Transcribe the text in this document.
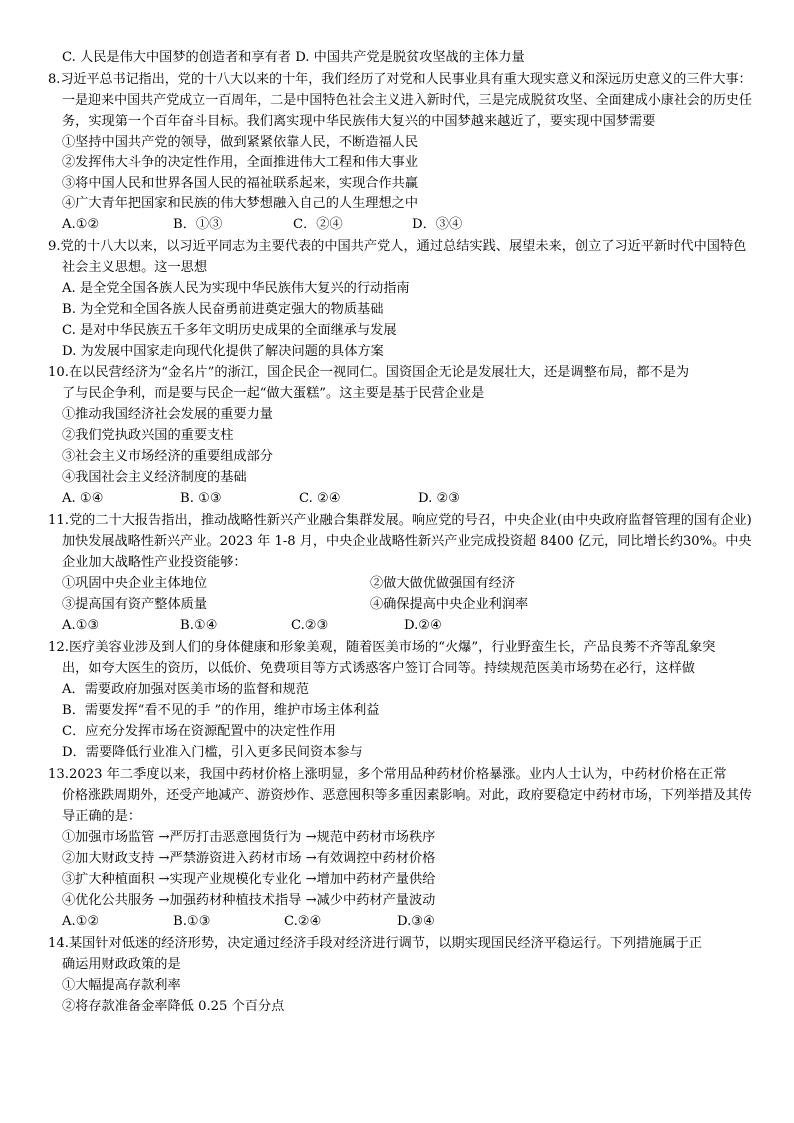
C. 人民是伟大中国梦的创造者和享有者 D. 中国共产党是脱贫攻坚战的主体力量
8.习近平总书记指出，党的十八大以来的十年，我们经历了对党和人民事业具有重大现实意义和深远历史意义的三件大事：
一是迎来中国共产党成立一百周年，二是中国特色社会主义进入新时代，三是完成脱贫攻坚、全面建成小康社会的历史任
务，实现第一个百年奋斗目标。我们离实现中华民族伟大复兴的中国梦越来越近了，要实现中国梦需要
①坚持中国共产党的领导，做到紧紧依靠人民，不断造福人民
②发挥伟大斗争的决定性作用，全面推进伟大工程和伟大事业
③将中国人民和世界各国人民的福祉联系起来，实现合作共赢
④广大青年把国家和民族的伟大梦想融入自己的人生理想之中
A.①②	B．①③	C．②④	D．③④
9.党的十八大以来，以习近平同志为主要代表的中国共产党人，通过总结实践、展望未来，创立了习近平新时代中国特色
社会主义思想。这一思想
A. 是全党全国各族人民为实现中华民族伟大复兴的行动指南
B. 为全党和全国各族人民奋勇前进奠定强大的物质基础
C. 是对中华民族五千多年文明历史成果的全面继承与发展
D. 为发展中国家走向现代化提供了解决问题的具体方案
10.在以民营经济为“金名片”的浙江，国企民企一视同仁。国资国企无论是发展壮大，还是调整布局，都不是为
了与民企争利，而是要与民企一起“做大蛋糕”。这主要是基于民营企业是
①推动我国经济社会发展的重要力量
②我们党执政兴国的重要支柱
③社会主义市场经济的重要组成部分
④我国社会主义经济制度的基础
A. ①④	B. ①③	C. ②④	D. ②③
11.党的二十大报告指出，推动战略性新兴产业融合集群发展。响应党的号召，中央企业(由中央政府监督管理的国有企业)
加快发展战略性新兴产业。2023 年 1-8 月，中央企业战略性新兴产业完成投资超 8400 亿元，同比增长约30%。中央
企业加大战略性产业投资能够：
①巩固中央企业主体地位	②做大做优做强国有经济
③提高国有资产整体质量	④确保提高中央企业利润率
A.①③	B.①④	C.②③	D.②④
12.医疗美容业涉及到人们的身体健康和形象美观，随着医美市场的“火爆”，行业野蛮生长，产品良莠不齐等乱象突
出，如夸大医生的资历，以低价、免费项目等方式诱惑客户签订合同等。持续规范医美市场势在必行，这样做
A．需要政府加强对医美市场的监督和规范
B．需要发挥“看不见的手 ”的作用，维护市场主体利益
C．应充分发挥市场在资源配置中的决定性作用
D．需要降低行业准入门槛，引入更多民间资本参与
13.2023 年二季度以来，我国中药材价格上涨明显，多个常用品种药材价格暴涨。业内人士认为，中药材价格在正常
价格涨跌周期外，还受产地减产、游资炒作、恶意囤积等多重因素影响。对此，政府要稳定中药材市场，下列举措及其传
导正确的是：
①加强市场监管 →严厉打击恶意囤货行为 →规范中药材市场秩序
②加大财政支持 →严禁游资进入药材市场 →有效调控中药材价格
③扩大种植面积 →实现产业规模化专业化 →增加中药材产量供给
④优化公共服务 →加强药材种植技术指导 →减少中药材产量波动
A.①②	B.①③	C.②④	D.③④
14.某国针对低迷的经济形势，决定通过经济手段对经济进行调节，以期实现国民经济平稳运行。下列措施属于正
确运用财政政策的是
①大幅提高存款利率
②将存款准备金率降低 0.25 个百分点
